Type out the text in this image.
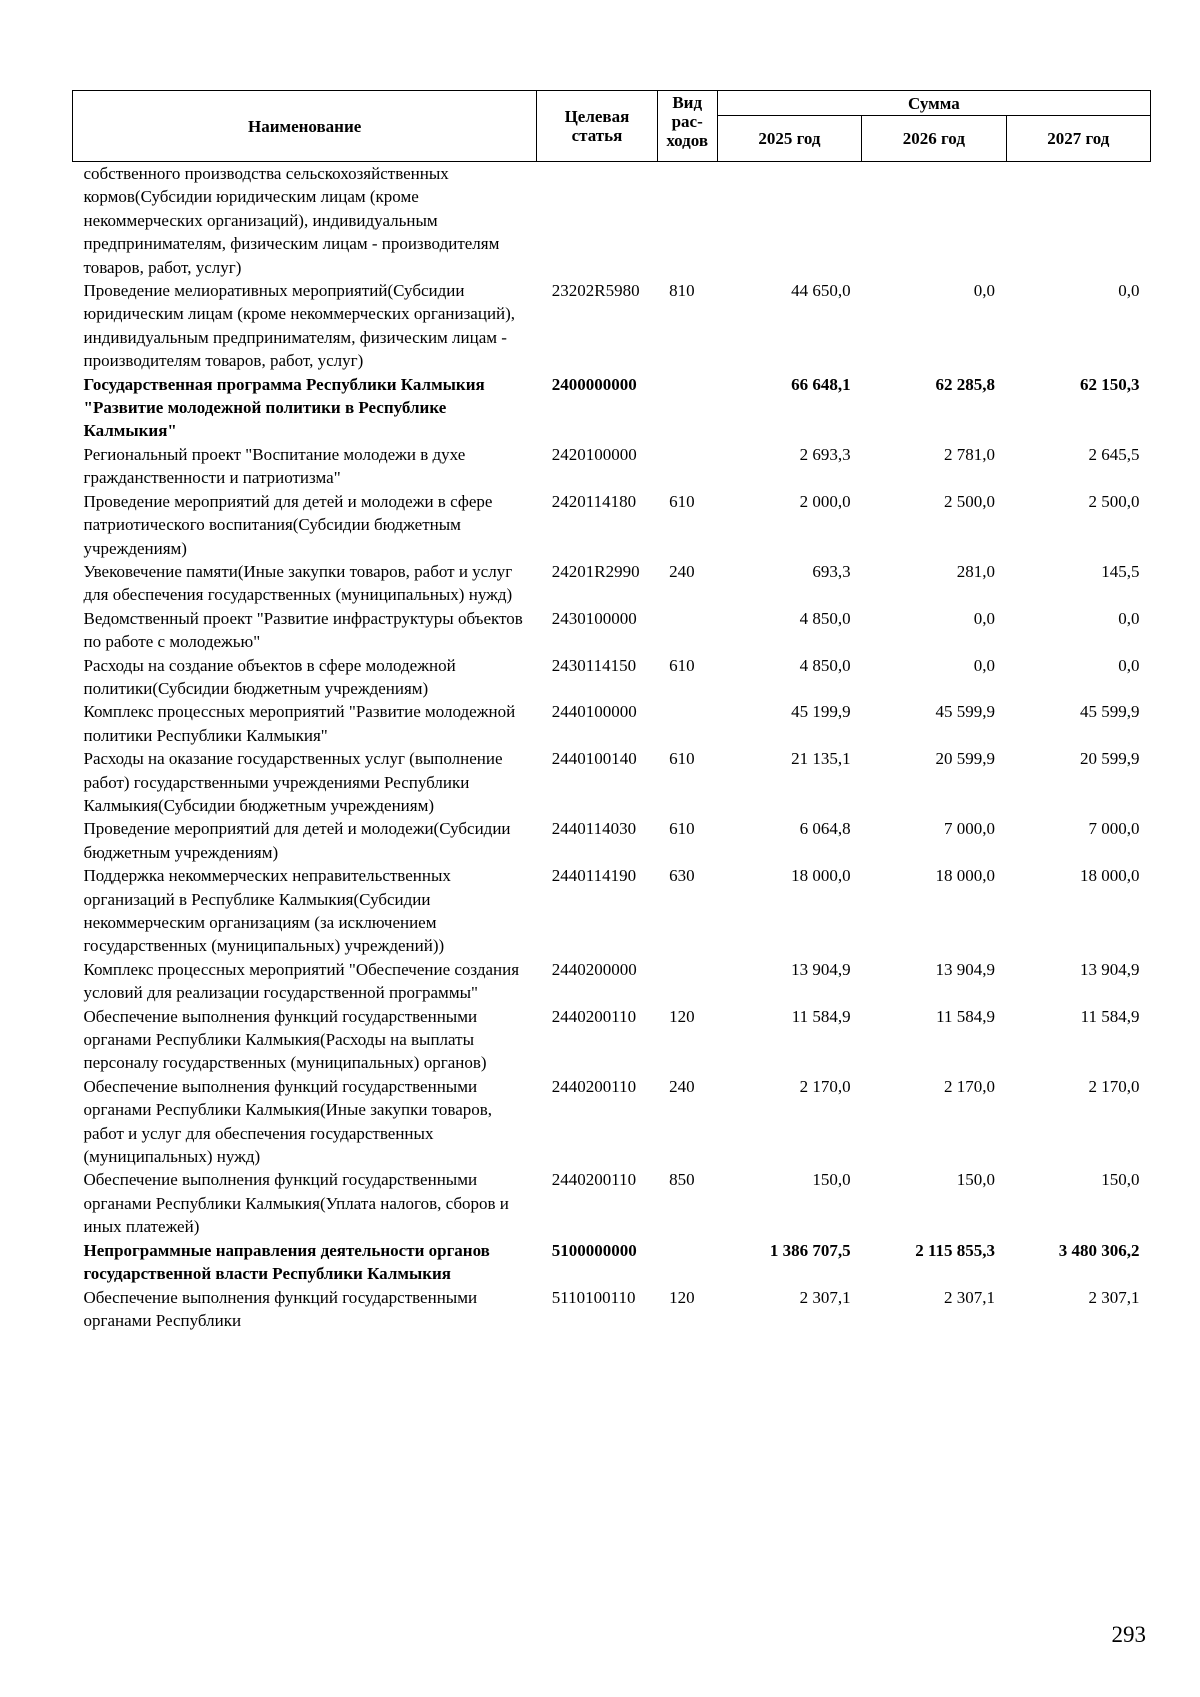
Наименование	Целевая статья	Вид рас-ходов	Сумма		
			2025 год	2026 год	2027 год
собственного производства сельскохозяйственных кормов(Субсидии юридическим лицам (кроме некоммерческих организаций), индивидуальным предпринимателям, физическим лицам - производителям товаров, работ, услуг)					
Проведение мелиоративных мероприятий(Субсидии юридическим лицам (кроме некоммерческих организаций), индивидуальным предпринимателям, физическим лицам - производителям товаров, работ, услуг)	23202R5980	810	44 650,0	0,0	0,0
Государственная программа Республики Калмыкия "Развитие молодежной политики в Республике Калмыкия"	2400000000		66 648,1	62 285,8	62 150,3
Региональный проект "Воспитание молодежи в духе гражданственности и патриотизма"	2420100000		2 693,3	2 781,0	2 645,5
Проведение мероприятий для детей и молодежи в сфере патриотического воспитания(Субсидии бюджетным учреждениям)	2420114180	610	2 000,0	2 500,0	2 500,0
Увековечение памяти(Иные закупки товаров, работ и услуг для обеспечения государственных (муниципальных) нужд)	24201R2990	240	693,3	281,0	145,5
Ведомственный проект "Развитие инфраструктуры объектов по работе с молодежью"	2430100000		4 850,0	0,0	0,0
Расходы на создание объектов в сфере молодежной политики(Субсидии бюджетным учреждениям)	2430114150	610	4 850,0	0,0	0,0
Комплекс процессных мероприятий "Развитие молодежной политики Республики Калмыкия"	2440100000		45 199,9	45 599,9	45 599,9
Расходы на оказание государственных услуг (выполнение работ) государственными учреждениями Республики Калмыкия(Субсидии бюджетным учреждениям)	2440100140	610	21 135,1	20 599,9	20 599,9
Проведение мероприятий для детей и молодежи(Субсидии бюджетным учреждениям)	2440114030	610	6 064,8	7 000,0	7 000,0
Поддержка некоммерческих неправительственных организаций в Республике Калмыкия(Субсидии некоммерческим организациям (за исключением государственных (муниципальных) учреждений))	2440114190	630	18 000,0	18 000,0	18 000,0
Комплекс процессных мероприятий "Обеспечение создания условий для реализации государственной программы"	2440200000		13 904,9	13 904,9	13 904,9
Обеспечение выполнения функций государственными органами Республики Калмыкия(Расходы на выплаты персоналу государственных (муниципальных) органов)	2440200110	120	11 584,9	11 584,9	11 584,9
Обеспечение выполнения функций государственными органами Республики Калмыкия(Иные закупки товаров, работ и услуг для обеспечения государственных (муниципальных) нужд)	2440200110	240	2 170,0	2 170,0	2 170,0
Обеспечение выполнения функций государственными органами Республики Калмыкия(Уплата налогов, сборов и иных платежей)	2440200110	850	150,0	150,0	150,0
Непрограммные направления деятельности органов государственной власти Республики Калмыкия	5100000000		1 386 707,5	2 115 855,3	3 480 306,2
Обеспечение выполнения функций государственными органами Республики	5110100110	120	2 307,1	2 307,1	2 307,1
293
